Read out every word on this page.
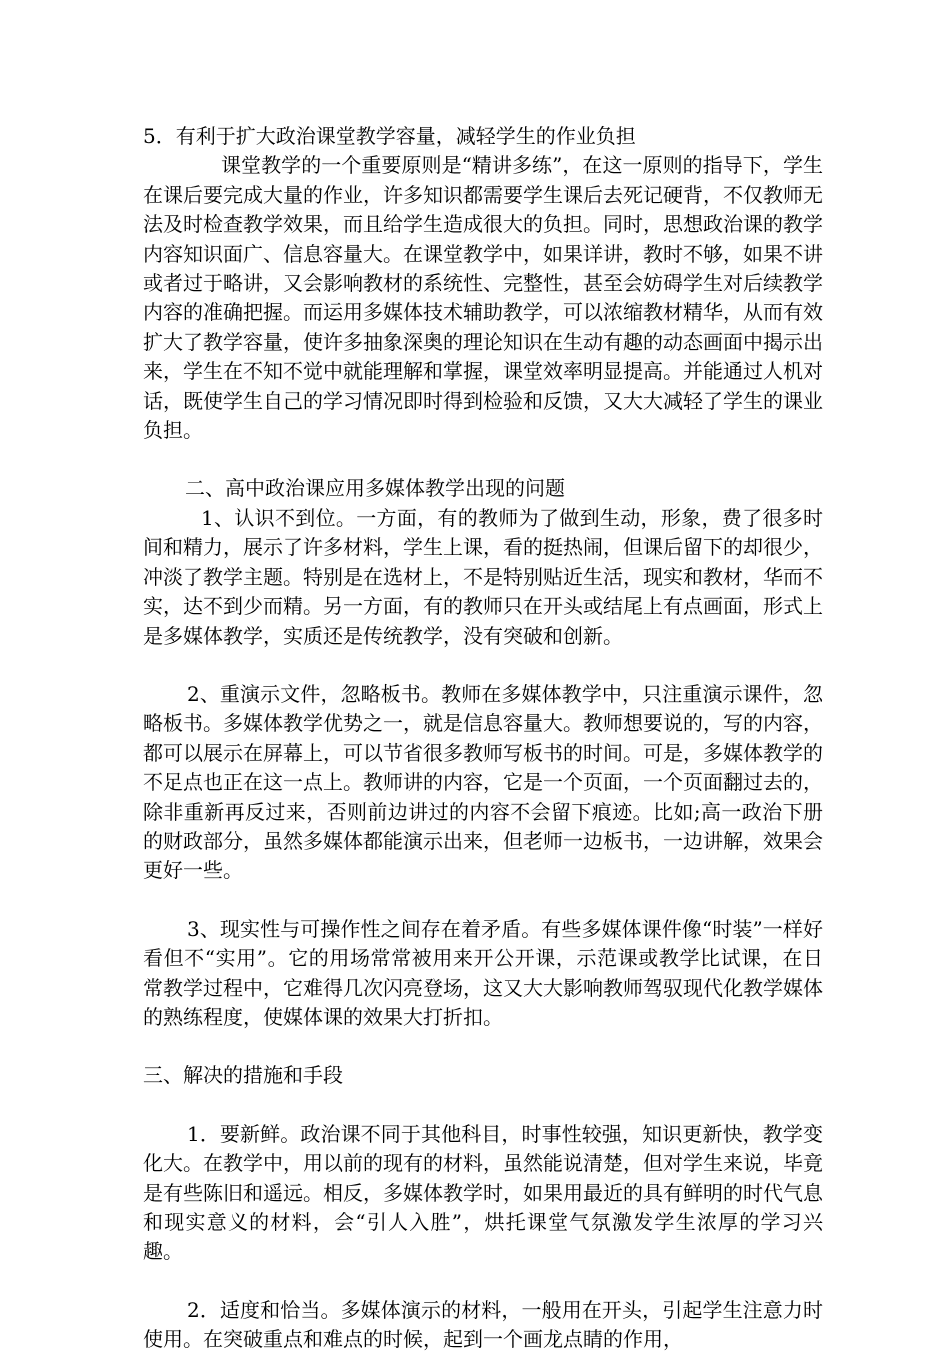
5．有利于扩大政治课堂教学容量，减轻学生的作业负担

课堂教学的一个重要原则是“精讲多练”，在这一原则的指导下，学生在课后要完成大量的作业，许多知识都需要学生课后去死记硬背，不仅教师无法及时检查教学效果，而且给学生造成很大的负担。同时，思想政治课的教学内容知识面广、信息容量大。在课堂教学中，如果详讲，教时不够，如果不讲或者过于略讲，又会影响教材的系统性、完整性，甚至会妨碍学生对后续教学内容的准确把握。而运用多媒体技术辅助教学，可以浓缩教材精华，从而有效扩大了教学容量，使许多抽象深奥的理论知识在生动有趣的动态画面中揭示出来，学生在不知不觉中就能理解和掌握，课堂效率明显提高。并能通过人机对话，既使学生自己的学习情况即时得到检验和反馈，又大大减轻了学生的课业负担。

二、高中政治课应用多媒体教学出现的问题

1、认识不到位。一方面，有的教师为了做到生动，形象，费了很多时间和精力，展示了许多材料，学生上课，看的挺热闹，但课后留下的却很少，冲淡了教学主题。特别是在选材上，不是特别贴近生活，现实和教材，华而不实，达不到少而精。另一方面，有的教师只在开头或结尾上有点画面，形式上是多媒体教学，实质还是传统教学，没有突破和创新。

2、重演示文件，忽略板书。教师在多媒体教学中，只注重演示课件，忽略板书。多媒体教学优势之一，就是信息容量大。教师想要说的，写的内容，都可以展示在屏幕上，可以节省很多教师写板书的时间。可是，多媒体教学的不足点也正在这一点上。教师讲的内容，它是一个页面，一个页面翻过去的，除非重新再反过来，否则前边讲过的内容不会留下痕迹。比如;高一政治下册的财政部分，虽然多媒体都能演示出来，但老师一边板书，一边讲解，效果会更好一些。

3、现实性与可操作性之间存在着矛盾。有些多媒体课件像“时装”一样好看但不“实用”。它的用场常常被用来开公开课，示范课或教学比试课，在日常教学过程中，它难得几次闪亮登场，这又大大影响教师驾驭现代化教学媒体的熟练程度，使媒体课的效果大打折扣。

三、解决的措施和手段

1．要新鲜。政治课不同于其他科目，时事性较强，知识更新快，教学变化大。在教学中，用以前的现有的材料，虽然能说清楚，但对学生来说，毕竟是有些陈旧和遥远。相反，多媒体教学时，如果用最近的具有鲜明的时代气息和现实意义的材料，会“引人入胜”，烘托课堂气氛激发学生浓厚的学习兴趣。

2．适度和恰当。多媒体演示的材料，一般用在开头，引起学生注意力时使用。在突破重点和难点的时候，起到一个画龙点睛的作用，
